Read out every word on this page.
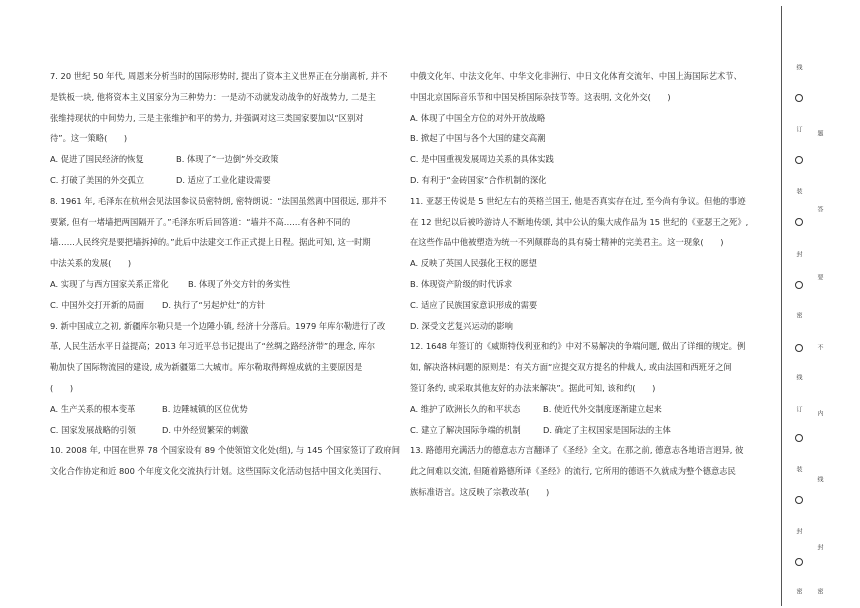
7. 20 世纪 50 年代, 周恩来分析当时的国际形势时, 提出了资本主义世界正在分崩离析, 并不
是铁板一块, 他将资本主义国家分为三种势力：一是动不动就发动战争的好战势力, 二是主
张维持现状的中间势力, 三是主张维护和平的势力, 并强调对这三类国家要加以“区别对
待”。这一策略(　　)
A. 促进了国民经济的恢复	B. 体现了“一边倒”外交政策
C. 打破了美国的外交孤立	D. 适应了工业化建设需要
8. 1961 年, 毛泽东在杭州会见法国参议员密特朗, 密特朗说：“法国虽然离中国很远, 那并不
要紧, 但有一堵墙把两国隔开了。”毛泽东听后回答道：“墙并不高……有各种不同的
墙……人民终究是要把墙拆掉的。”此后中法建交工作正式提上日程。据此可知, 这一时期
中法关系的发展(　　)
A. 实现了与西方国家关系正常化	B. 体现了外交方针的务实性
C. 中国外交打开新的局面	D. 执行了“另起炉灶”的方针
9. 新中国成立之初, 新疆库尔勒只是一个边陲小镇, 经济十分落后。1979 年库尔勒进行了改
革, 人民生活水平日益提高；2013 年习近平总书记提出了“丝绸之路经济带”的理念, 库尔
勒加快了国际物流园的建设, 成为新疆第二大城市。库尔勒取得辉煌成就的主要原因是
(　　)
A. 生产关系的根本变革	B. 边陲城镇的区位优势
C. 国家发展战略的引领	D. 中外经贸繁荣的刺激
10. 2008 年, 中国在世界 78 个国家设有 89 个使领馆文化处(组), 与 145 个国家签订了政府间
文化合作协定和近 800 个年度文化交流执行计划。这些国际文化活动包括中国文化美国行、
中俄文化年、中法文化年、中华文化非洲行、中日文化体育交流年、中国上海国际艺术节、
中国北京国际音乐节和中国吴桥国际杂技节等。这表明, 文化外交(　　)
A. 体现了中国全方位的对外开放战略
B. 掀起了中国与各个大国的建交高潮
C. 是中国重视发展周边关系的具体实践
D. 有利于“金砖国家”合作机制的深化
11. 亚瑟王传说是 5 世纪左右的英格兰国王, 他是否真实存在过, 至今尚有争议。但他的事迹
在 12 世纪以后被吟游诗人不断地传颂, 其中公认的集大成作品为 15 世纪的《亚瑟王之死》,
在这些作品中他被塑造为统一不列颠群岛的具有骑士精神的完美君主。这一现象(　　)
A. 反映了英国人民强化王权的愿望
B. 体现资产阶级的时代诉求
C. 适应了民族国家意识形成的需要
D. 深受文艺复兴运动的影响
12. 1648 年签订的《威斯特伐利亚和约》中对不易解决的争端问题, 做出了详细的规定。例
如, 解决洛林问题的原则是：有关方面“应提交双方提名的仲裁人, 或由法国和西班牙之间
签订条约, 或采取其他友好的办法来解决”。据此可知, 该和约(　　)
A. 维护了欧洲长久的和平状态	B. 使近代外交制度逐渐建立起来
C. 建立了解决国际争端的机制	D. 确定了主权国家是国际法的主体
13. 路德用充满活力的德意志方言翻译了《圣经》全文。在那之前, 德意志各地语言迥异, 彼
此之间难以交流, 但随着路德所译《圣经》的流行, 它所用的德语不久就成为整个德意志民
族标准语言。这反映了宗教改革(　　)
线
题
订
答
装
要
封
不
密
内
线
线
订
装
封
封
密 密
